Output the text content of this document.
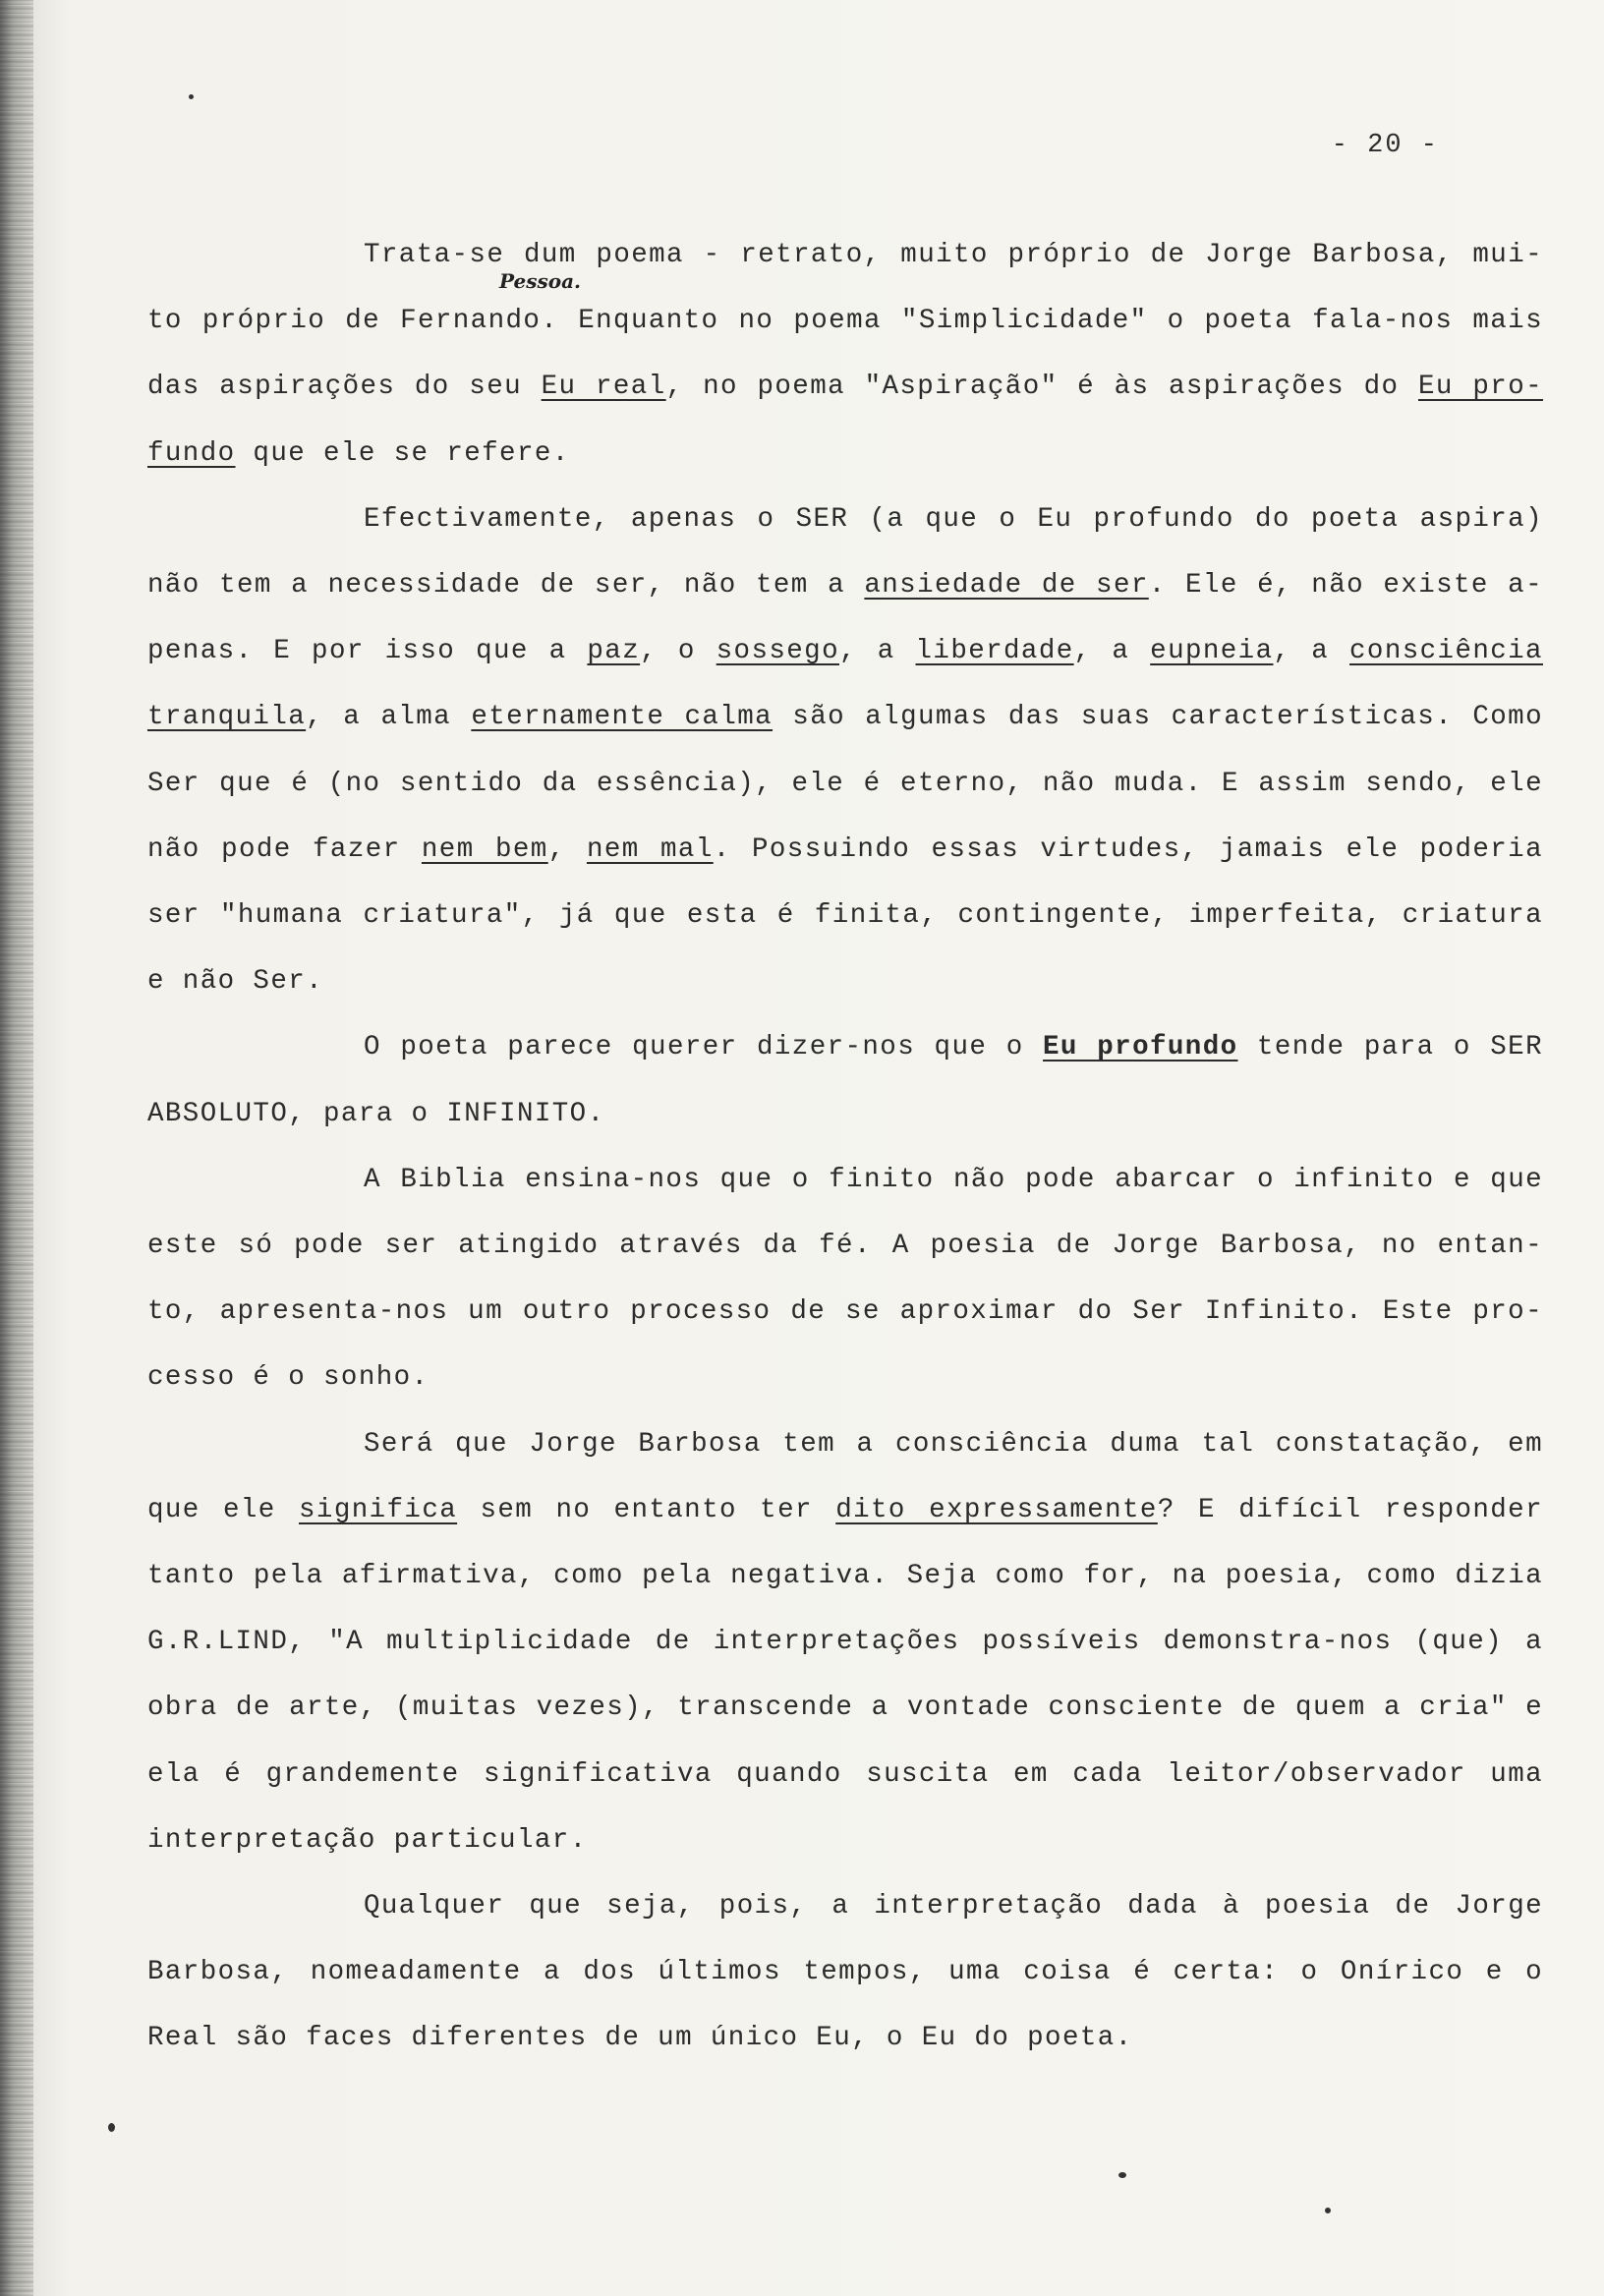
- 20 -
Pessoa.

Trata-se dum poema - retrato, muito próprio de Jorge Barbosa, mui- to próprio de Fernando. Enquanto no poema "Simplicidade" o poeta fala-nos mais das aspirações do seu Eu real, no poema "Aspiração" é às aspirações do Eu pro- fundo que ele se refere.

Efectivamente, apenas o SER (a que o Eu profundo do poeta aspira) não tem a necessidade de ser, não tem a ansiedade de ser. Ele é, não existe a- penas. E por isso que a paz, o sossego, a liberdade, a eupneia, a consciência tranquila, a alma eternamente calma são algumas das suas características. Como Ser que é (no sentido da essência), ele é eterno, não muda. E assim sendo, ele não pode fazer nem bem, nem mal. Possuindo essas virtudes, jamais ele poderia ser "humana criatura", já que esta é finita, contingente, imperfeita, criatura e não Ser.

O poeta parece querer dizer-nos que o Eu profundo tende para o SER ABSOLUTO, para o INFINITO.

A Biblia ensina-nos que o finito não pode abarcar o infinito e que este só pode ser atingido através da fé. A poesia de Jorge Barbosa, no entan- to, apresenta-nos um outro processo de se aproximar do Ser Infinito. Este pro- cesso é o sonho.

Será que Jorge Barbosa tem a consciência duma tal constatação, em que ele significa sem no entanto ter dito expressamente? E difícil responder tanto pela afirmativa, como pela negativa. Seja como for, na poesia, como dizia G.R.LIND, "A multiplicidade de interpretações possíveis demonstra-nos (que) a obra de arte, (muitas vezes), transcende a vontade consciente de quem a cria" e ela é grandemente significativa quando suscita em cada leitor/observador uma interpretação particular.

Qualquer que seja, pois, a interpretação dada à poesia de Jorge Barbosa, nomeadamente a dos últimos tempos, uma coisa é certa: o Onírico e o Real são faces diferentes de um único Eu, o Eu do poeta.
